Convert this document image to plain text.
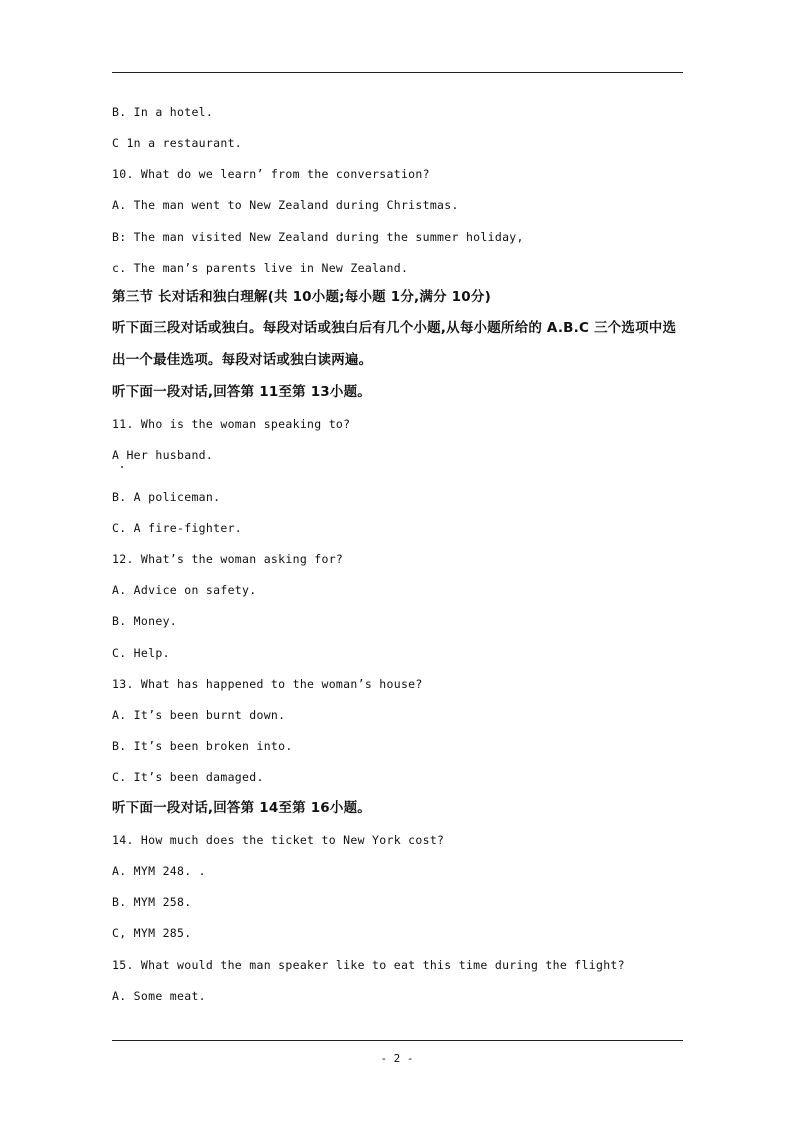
B. In a hotel.
C 1n a restaurant.
10. What do we learn’ from the conversation?
A. The man went to New Zealand during Christmas.
B: The man visited New Zealand during the summer holiday,
c. The man’s parents live in New Zealand.
第三节 长对话和独白理解(共 10小题;每小题 1分,满分 10分)
听下面三段对话或独白。每段对话或独白后有几个小题,从每小题所给的 A.B.C 三个选项中选
出一个最佳选项。每段对话或独白读两遍。
听下面一段对话,回答第 11至第 13小题。
11. Who is the woman speaking to?
A Her husband.
B. A policeman.
C. A fire-fighter.
12. What’s the woman asking for?
A. Advice on safety.
B. Money.
C. Help.
13. What has happened to the woman’s house?
A. It’s been burnt down.
B. It’s been broken into.
C. It’s been damaged.
听下面一段对话,回答第 14至第 16小题。
14. How much does the ticket to New York cost?
A. MYM 248. .
B. MYM 258.
C, MYM 285.
15. What would the man speaker like to eat this time during the flight?
A. Some meat.
- 2 -
